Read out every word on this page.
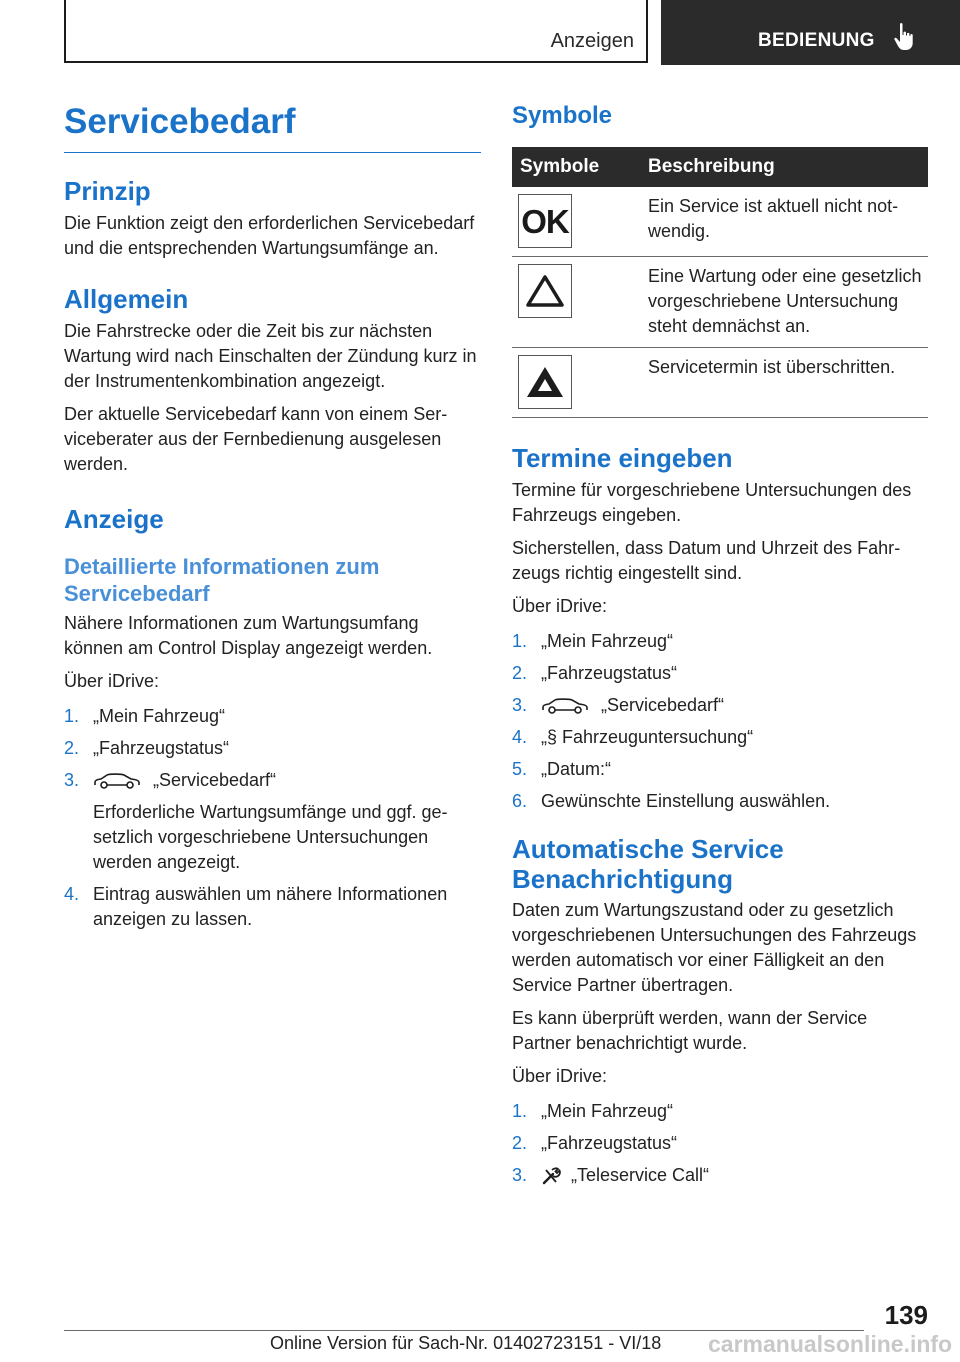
Anzeigen	BEDIENUNG
Servicebedarf
Prinzip

Die Funktion zeigt den erforderlichen Servicebedarf und die entsprechenden Wartungsumfänge an.

Allgemein

Die Fahrstrecke oder die Zeit bis zur nächsten Wartung wird nach Einschalten der Zündung kurz in der Instrumentenkombination angezeigt.

Der aktuelle Servicebedarf kann von einem Serviceberater aus der Fernbedienung ausgelesen werden.

Anzeige
Detaillierte Informationen zum Servicebedarf

Nähere Informationen zum Wartungsumfang können am Control Display angezeigt werden.

Über iDrive:

1. „Mein Fahrzeug“
2. „Fahrzeugstatus“
3.	„Servicebedarf“
Erforderliche Wartungsumfänge und ggf. gesetzlich vorgeschriebene Untersuchungen werden angezeigt.
4. Eintrag auswählen um nähere Informationen anzeigen zu lassen.
Symbole
Symbole	Beschreibung

OK	Ein Service ist aktuell nicht notwendig.

	Eine Wartung oder eine gesetzlich vorgeschriebene Untersuchung steht demnächst an.

	Servicetermin ist überschritten.
Termine eingeben

Termine für vorgeschriebene Untersuchungen des Fahrzeugs eingeben.

Sicherstellen, dass Datum und Uhrzeit des Fahrzeugs richtig eingestellt sind.

Über iDrive:

1. „Mein Fahrzeug“
2. „Fahrzeugstatus“
3.	„Servicebedarf“
4. „§ Fahrzeuguntersuchung“
5. „Datum:“
6. Gewünschte Einstellung auswählen.
Automatische Service Benachrichtigung

Daten zum Wartungszustand oder zu gesetzlich vorgeschriebenen Untersuchungen des Fahrzeugs werden automatisch vor einer Fälligkeit an den Service Partner übertragen.

Es kann überprüft werden, wann der Service Partner benachrichtigt wurde.

Über iDrive:

1. „Mein Fahrzeug“
2. „Fahrzeugstatus“
3. „Teleservice Call“
139
Online Version für Sach-Nr. 01402723151 - VI/18 carmanualsonline.info
